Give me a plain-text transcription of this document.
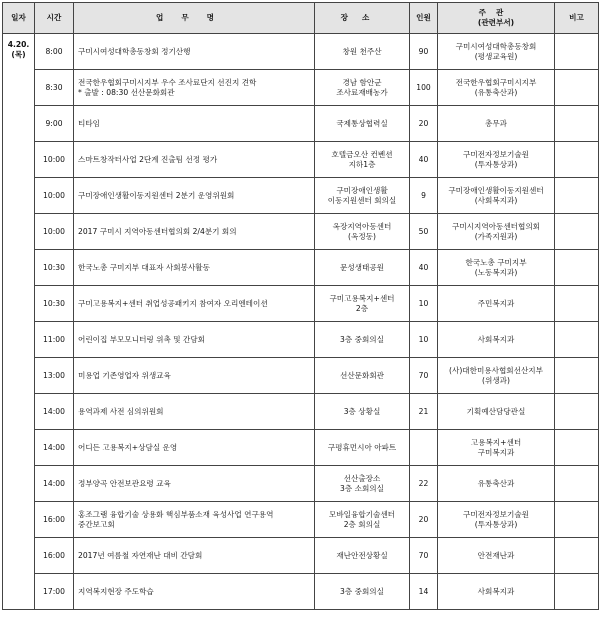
일자	시간	업무명	장소	인원	주관
(관련부서)	비고

4.20.
(목)	8:00	구미시여성대학총동창회 정기산행	창원 천주산	90	구미시여성대학총동창회
(평생교육원)	

	8:30	전국한우협회구미시지부 우수 조사료단지 선진지 견학
* 출발 : 08:30 선산문화회관	경남 함안군
조사료재배농가	100	전국한우협회구미시지부
(유통축산과)	

	9:00	티타임	국제통상협력실	20	총무과	

	10:00	스마트창작터사업 2단계 진출팀 선정 평가	호텔금오산 컨벤션
지하1층	40	구미전자정보기술원
(투자통상과)	

	10:00	구미장애인생활이동지원센터 2분기 운영위원회	구미장애인생활
이동지원센터 회의실	9	구미장애인생활이동지원센터
(사회복지과)	

	10:00	2017 구미시 지역아동센터협의회 2/4분기 회의	옥장지역아동센터
(옥정동)	50	구미시지역아동센터협의회
(가족지원과)	

	10:30	한국노총 구미지부 대표자 사회봉사활동	문성생태공원	40	한국노총 구미지부
(노동복지과)	

	10:30	구미고용복지+센터 취업성공패키지 참여자 오리엔테이션	구미고용복지+센터
2층	10	주민복지과	

	11:00	어린이집 부모모니터링 위촉 및 간담회	3층 중회의실	10	사회복지과	

	13:00	미용업 기존영업자 위생교육	선산문화회관	70	(사)대한미용사협회선산지부
(위생과)	

	14:00	용역과제 사전 심의위원회	3층 상황실	21	기획예산담당관실	

	14:00	어디든 고용복지+상담실 운영	구평휴먼시아 아파트		고용복지+센터
구미복지과	

	14:00	정부양곡 안전보관요령 교육	선산출장소
3층 소회의실	22	유통축산과	

	16:00	홍조그램 융합기술 상용화 핵심부품소재 육성사업 연구용역
중간보고회	모바일융합기술센터
2층 회의실	20	구미전자정보기술원
(투자통상과)	

	16:00	2017년 여름철 자연재난 대비 간담회	재난안전상황실	70	안전재난과	

	17:00	지역복지현장 주도학습	3층 중회의실	14	사회복지과	
